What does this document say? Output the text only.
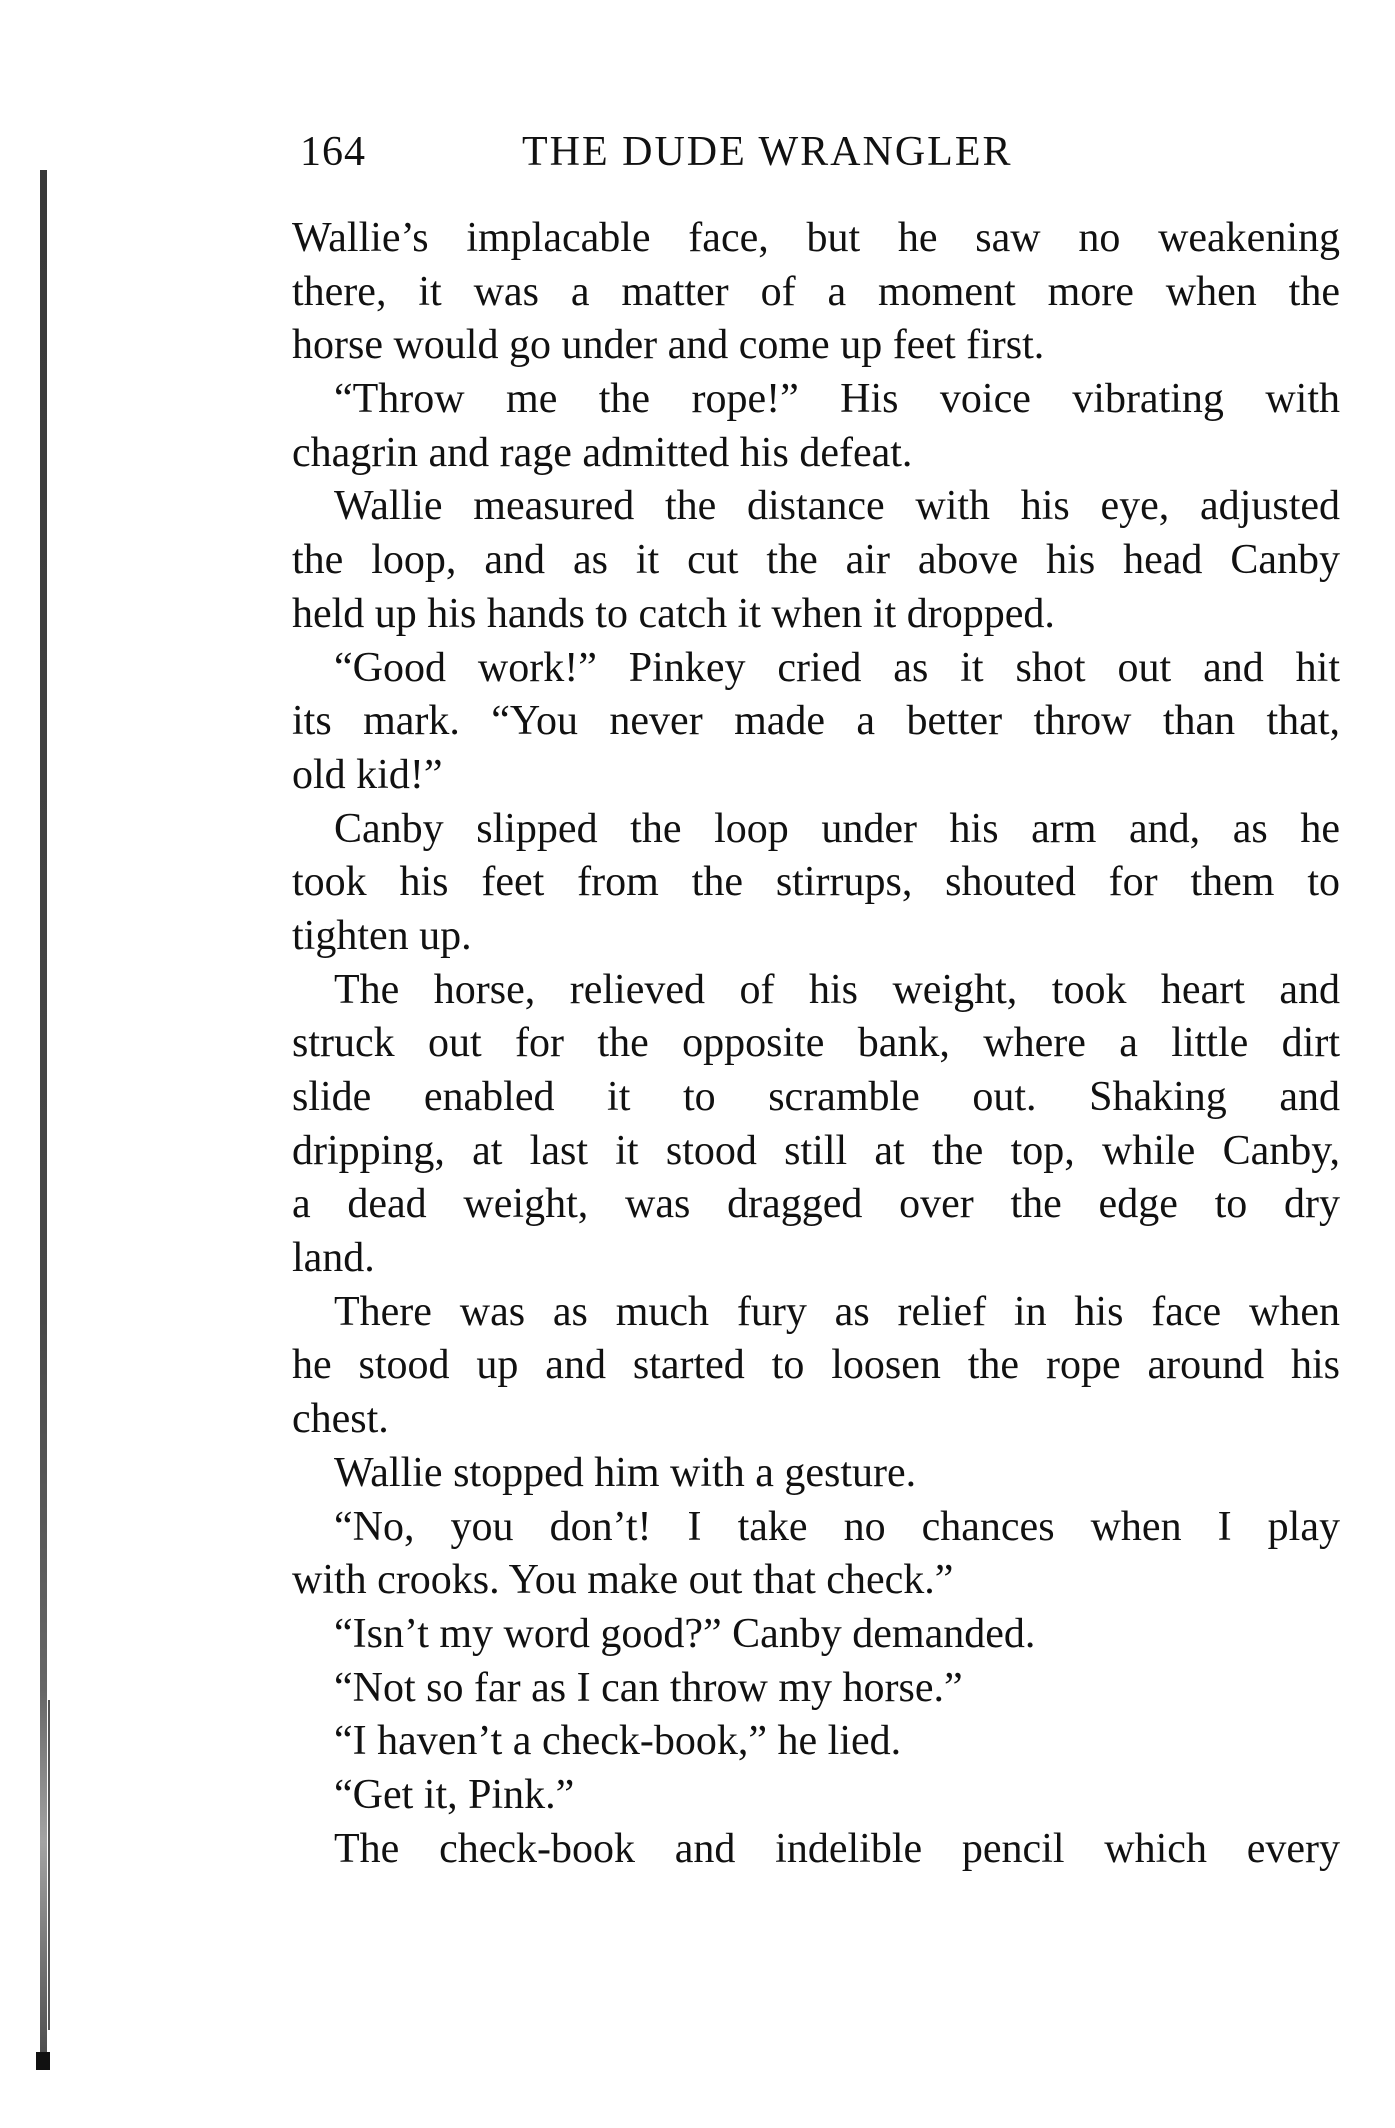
164	THE DUDE WRANGLER
Wallie’s implacable face, but he saw no weakening
there, it was a matter of a moment more when the
horse would go under and come up feet first.
“Throw me the rope!” His voice vibrating with
chagrin and rage admitted his defeat.
Wallie measured the distance with his eye, adjusted
the loop, and as it cut the air above his head Canby
held up his hands to catch it when it dropped.
“Good work!” Pinkey cried as it shot out and hit
its mark. “You never made a better throw than that,
old kid!”
Canby slipped the loop under his arm and, as he
took his feet from the stirrups, shouted for them to
tighten up.
The horse, relieved of his weight, took heart and
struck out for the opposite bank, where a little dirt
slide enabled it to scramble out. Shaking and
dripping, at last it stood still at the top, while Canby,
a dead weight, was dragged over the edge to dry
land.
There was as much fury as relief in his face when
he stood up and started to loosen the rope around his
chest.
Wallie stopped him with a gesture.
“No, you don’t! I take no chances when I play
with crooks. You make out that check.”
“Isn’t my word good?” Canby demanded.
“Not so far as I can throw my horse.”
“I haven’t a check-book,” he lied.
“Get it, Pink.”
The check-book and indelible pencil which every
